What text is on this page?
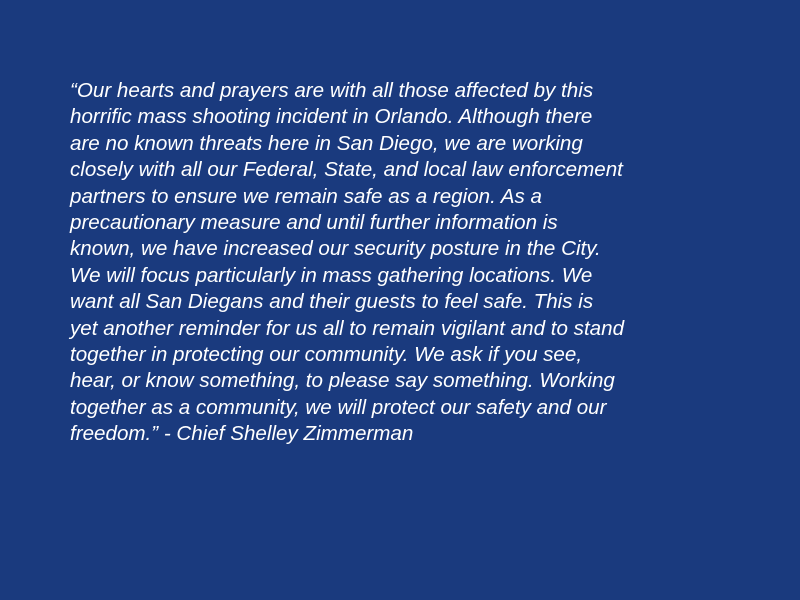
“Our hearts and prayers are with all those affected by this
horrific mass shooting incident in Orlando. Although there
are no known threats here in San Diego, we are working
closely with all our Federal, State, and local law enforcement
partners to ensure we remain safe as a region. As a
precautionary measure and until further information is
known, we have increased our security posture in the City.
We will focus particularly in mass gathering locations. We
want all San Diegans and their guests to feel safe. This is
yet another reminder for us all to remain vigilant and to stand
together in protecting our community. We ask if you see,
hear, or know something, to please say something. Working
together as a community, we will protect our safety and our
freedom.” - Chief Shelley Zimmerman
